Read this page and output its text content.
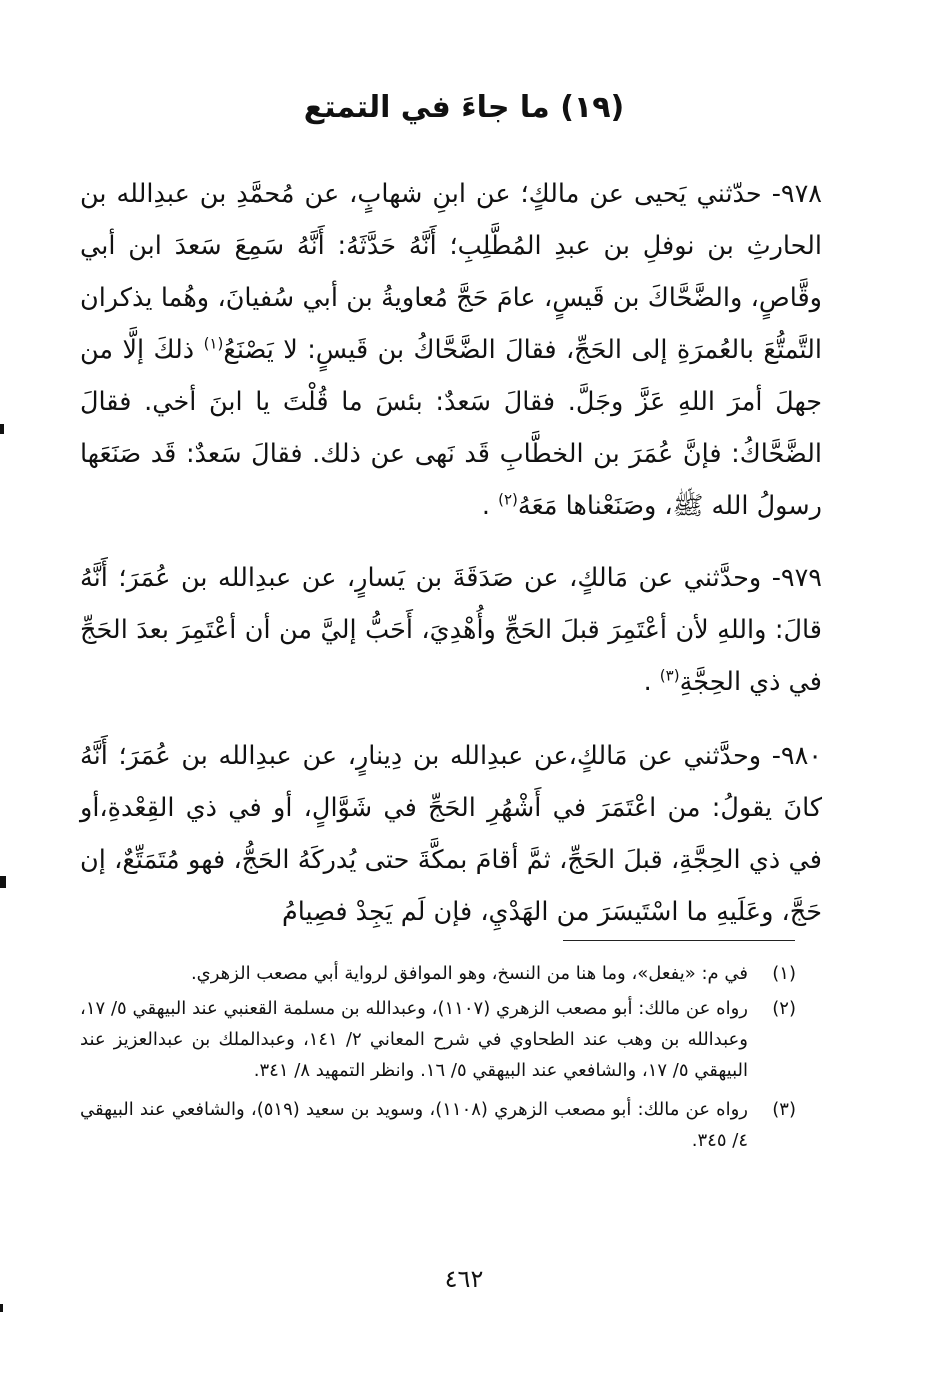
(١٩) ما جاءَ في التمتع

٩٧٨- حدّثني يَحيى عن مالكٍ؛ عن ابنِ شهابٍ، عن مُحمَّدِ بن عبدِالله بن الحارثِ بن نوفلِ بن عبدِ المُطَّلِبِ؛ أَنَّهُ حَدَّثَهُ: أَنَّهُ سَمِعَ سَعدَ ابن أبي وقَّاصٍ، والضَّحَّاكَ بن قَيسٍ، عامَ حَجَّ مُعاويةُ بن أبي سُفيانَ، وهُما يذكران التَّمتُّعَ بالعُمرَةِ إلى الحَجِّ، فقالَ الضَّحَّاكُ بن قَيسٍ: لا يَصْنَعُ$^{(١)}$ ذلكَ إلَّا من جهلَ أمرَ اللهِ عَزَّ وجَلَّ. فقالَ سَعدٌ: بئسَ ما قُلْتَ يا ابنَ أخي. فقالَ الضَّحَّاكُ: فإنَّ عُمَرَ بن الخطَّابِ قَد نَهى عن ذلك. فقالَ سَعدٌ: قَد صَنَعَها رسولُ الله ﷺ، وصَنَعْناها مَعَهُ$^{(٢)}$ .

٩٧٩- وحدَّثني عن مَالكٍ، عن صَدَقَةَ بن يَسارٍ، عن عبدِالله بن عُمَرَ؛ أَنَّهُ قالَ: واللهِ لأن أعْتَمِرَ قبلَ الحَجِّ وأُهْدِيَ، أَحَبُّ إليَّ من أن أعْتَمِرَ بعدَ الحَجِّ في ذي الحِجَّةِ$^{(٣)}$ .

٩٨٠- وحدَّثني عن مَالكٍ،عن عبدِالله بن دِينارٍ، عن عبدِالله بن عُمَرَ؛ أَنَّهُ كانَ يقولُ: من اعْتَمَرَ في أَشْهُرِ الحَجِّ في شَوَّالٍ، أو في ذي القِعْدةِ،أو في ذي الحِجَّةِ، قبلَ الحَجِّ، ثمَّ أقامَ بمكَّةَ حتى يُدركَهُ الحَجُّ، فهو مُتَمَتِّعٌ، إن حَجَّ، وعَلَيهِ ما اسْتَيسَرَ من الهَدْيِ، فإن لَم يَجِدْ فصِيامُ

(١)
في م: «يفعل»، وما هنا من النسخ، وهو الموافق لرواية أبي مصعب الزهري.
(٢)
رواه عن مالك: أبو مصعب الزهري (١١٠٧)، وعبدالله بن مسلمة القعنبي عند البيهقي ٥/ ١٧، وعبدالله بن وهب عند الطحاوي في شرح المعاني ٢/ ١٤١، وعبدالملك بن عبدالعزيز عند البيهقي ٥/ ١٧، والشافعي عند البيهقي ٥/ ١٦. وانظر التمهيد ٨/ ٣٤١.
(٣)
رواه عن مالك: أبو مصعب الزهري (١١٠٨)، وسويد بن سعيد (٥١٩)، والشافعي عند البيهقي ٤/ ٣٤٥.
٤٦٢
